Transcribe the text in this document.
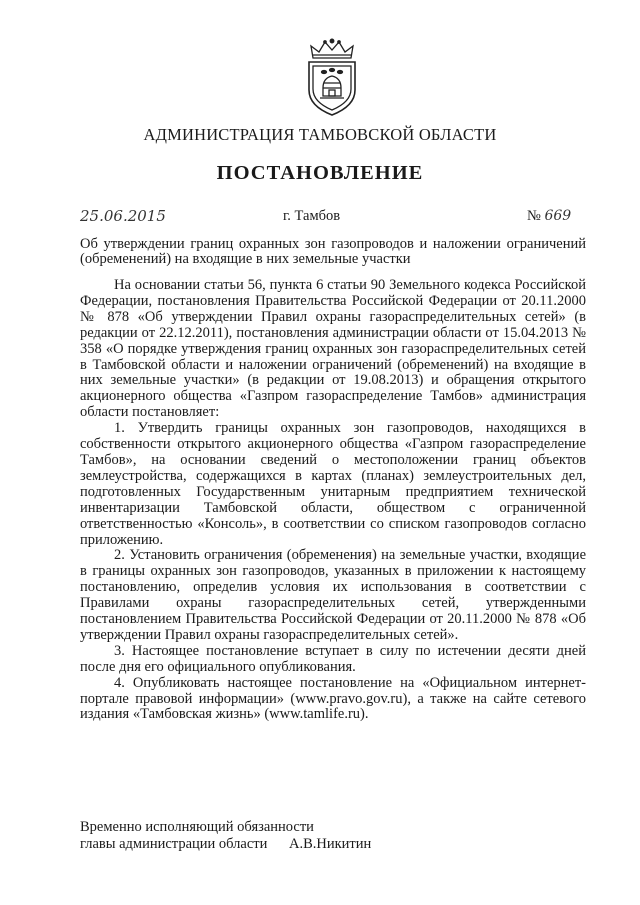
АДМИНИСТРАЦИЯ ТАМБОВСКОЙ ОБЛАСТИ
ПОСТАНОВЛЕНИЕ
25.06.2015	г. Тамбов	№ 669
Об утверждении границ охранных зон газопроводов и наложении ограничений (обременений) на входящие в них земельные участки

На основании статьи 56, пункта 6 статьи 90 Земельного кодекса Российской Федерации, постановления Правительства Российской Федерации от 20.11.2000 № 878 «Об утверждении Правил охраны газораспределительных сетей» (в редакции от 22.12.2011), постановления администрации области от 15.04.2013 № 358 «О порядке утверждения границ охранных зон газораспределительных сетей в Тамбовской области и наложении ограничений (обременений) на входящие в них земельные участки» (в редакции от 19.08.2013) и обращения открытого акционерного общества «Газпром газораспределение Тамбов» администрация области постановляет:

1. Утвердить границы охранных зон газопроводов, находящихся в собственности открытого акционерного общества «Газпром газораспределение Тамбов», на основании сведений о местоположении границ объектов землеустройства, содержащихся в картах (планах) землеустроительных дел, подготовленных Государственным унитарным предприятием технической инвентаризации Тамбовской области, обществом с ограниченной ответственностью «Консоль», в соответствии со списком газопроводов согласно приложению.

2. Установить ограничения (обременения) на земельные участки, входящие в границы охранных зон газопроводов, указанных в приложении к настоящему постановлению, определив условия их использования в соответствии с Правилами охраны газораспределительных сетей, утвержденными постановлением Правительства Российской Федерации от 20.11.2000 № 878 «Об утверждении Правил охраны газораспределительных сетей».

3. Настоящее постановление вступает в силу по истечении десяти дней после дня его официального опубликования.

4. Опубликовать настоящее постановление на «Официальном интернет-портале правовой информации» (www.pravo.gov.ru), а также на сайте сетевого издания «Тамбовская жизнь» (www.tamlife.ru).

Временно исполняющий обязанности
главы администрации области А.В.Никитин
